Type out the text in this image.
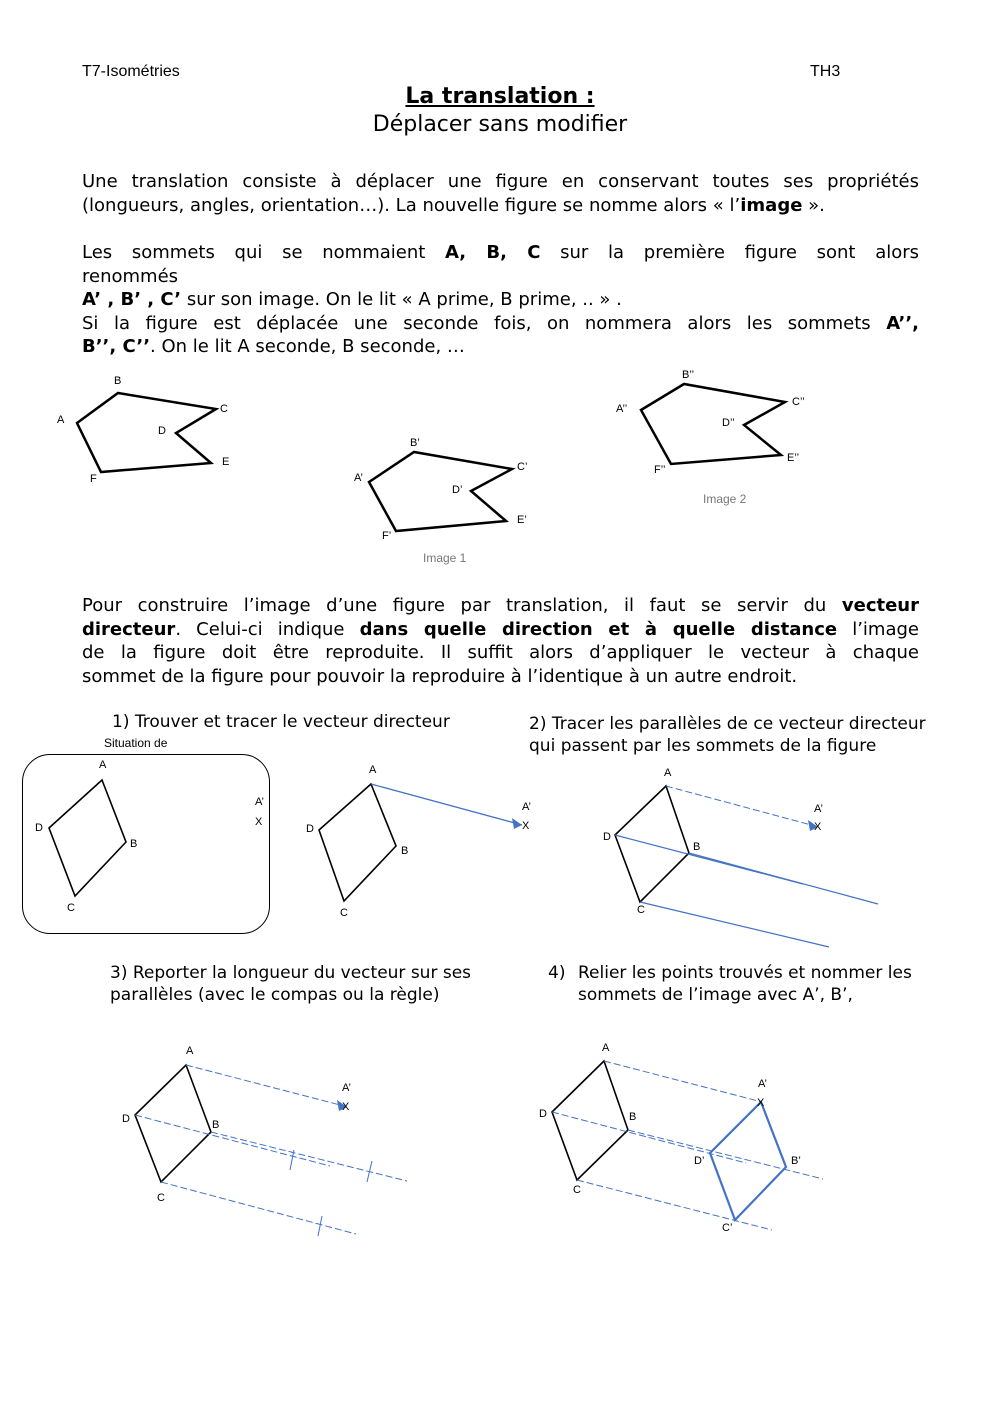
T7-Isométries	TH3
La translation :
Déplacer sans modifier
Une translation consiste à déplacer une figure en conservant toutes ses propriétés
(longueurs, angles, orientation…). La nouvelle figure se nomme alors « l’image ».
Les sommets qui se nommaient A, B, C sur la première figure sont alors
renommés
A’ , B’ , C’ sur son image. On le lit « A prime, B prime, .. » .
Si la figure est déplacée une seconde fois, on nommera alors les sommets A’’,
B’’, C’’. On le lit A seconde, B seconde, …
A
B
C
D
E
F	A’
B’
C’
D’
E’
F’
Image 1
A’’
B’’
C’’
D’’
E’’
F’’
Image 2
Pour construire l’image d’une figure par translation, il faut se servir du vecteur
directeur. Celui-ci indique dans quelle direction et à quelle distance l’image
de la figure doit être reproduite. Il suffit alors d’appliquer le vecteur à chaque
sommet de la figure pour pouvoir la reproduire à l’identique à un autre endroit.
1) Trouver et tracer le vecteur directeur	2) Tracer les parallèles de ce vecteur directeur qui passent par les sommets de la figure
3) Reporter la longueur du vecteur sur ses parallèles (avec le compas ou la règle)
4) Relier les points trouvés et nommer les sommets de l’image avec A’, B’,
Situation de
A
B
C
D
A’
X
A
B
C
D
A’
X
A
B
C
D
A’
X
A
B
C
D
A’
X
A
B
C
D
A’
X
B’
C’
D’
